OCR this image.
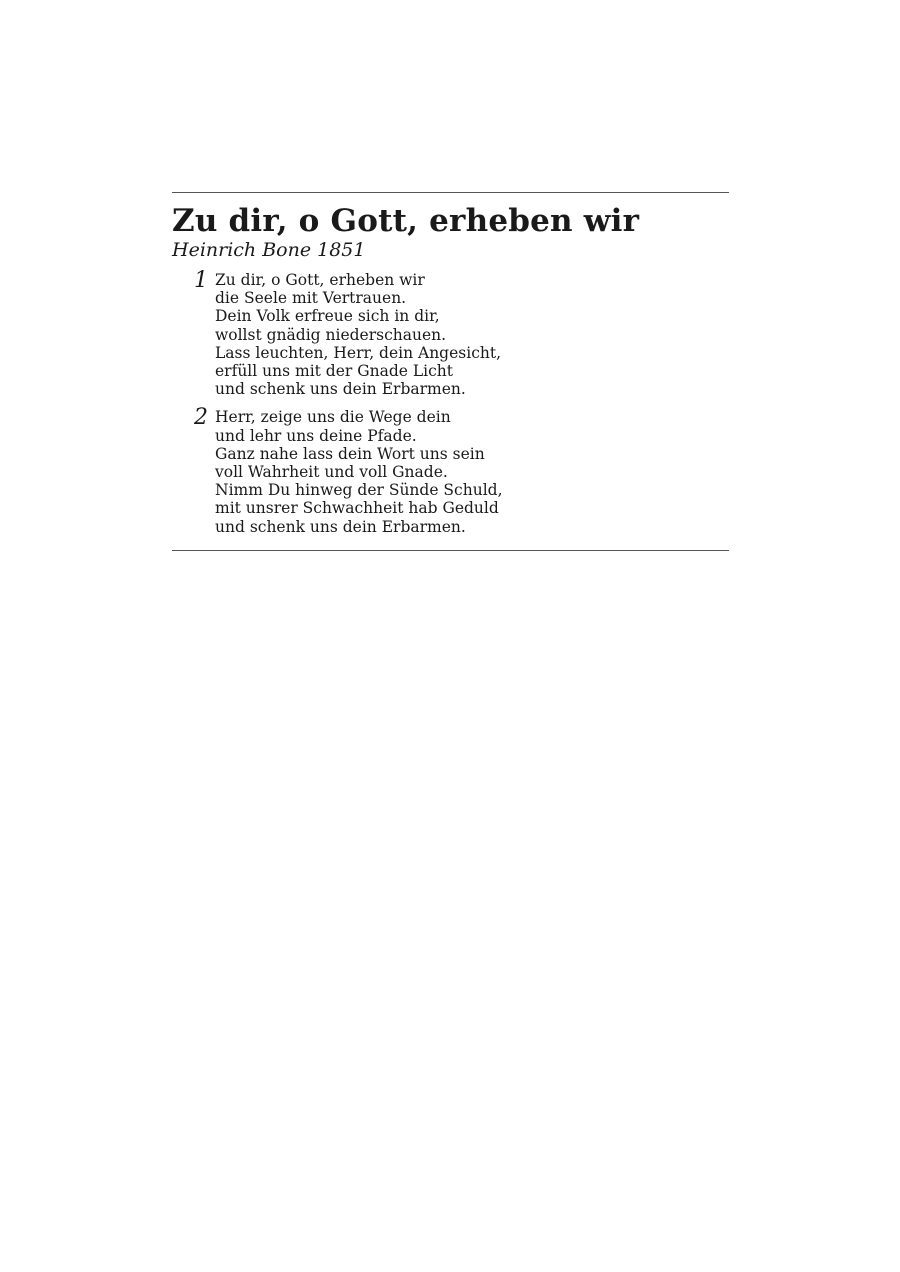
Zu dir, o Gott, erheben wir
Heinrich Bone 1851
1 Zu dir, o Gott, erheben wir
die Seele mit Vertrauen.
Dein Volk erfreue sich in dir,
wollst gnädig niederschauen.
Lass leuchten, Herr, dein Angesicht,
erfüll uns mit der Gnade Licht
und schenk uns dein Erbarmen.
2 Herr, zeige uns die Wege dein
und lehr uns deine Pfade.
Ganz nahe lass dein Wort uns sein
voll Wahrheit und voll Gnade.
Nimm Du hinweg der Sünde Schuld,
mit unsrer Schwachheit hab Geduld
und schenk uns dein Erbarmen.
